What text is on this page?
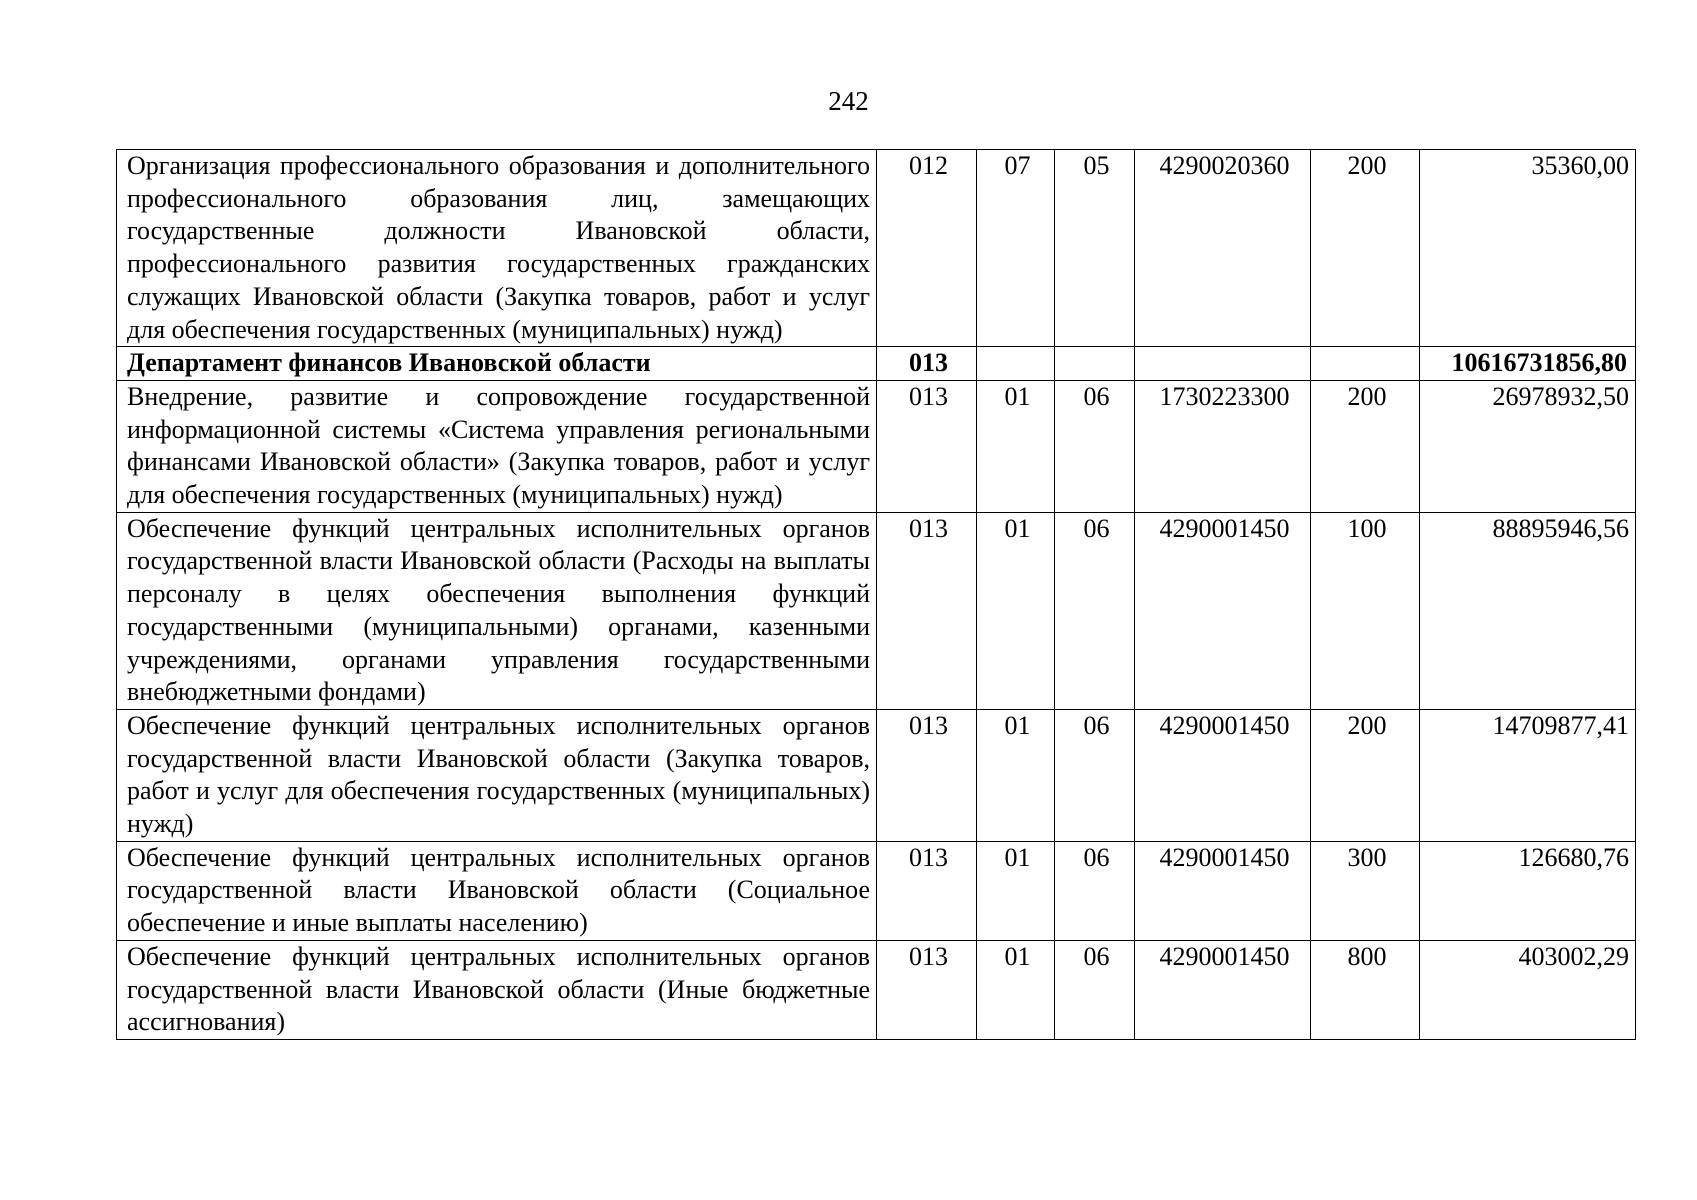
242
Организация профессионального образования и дополнительного профессионального образования лиц, замещающих государственные должности Ивановской области, профессионального развития государственных гражданских служащих Ивановской области (Закупка товаров, работ и услуг для обеспечения государственных (муниципальных) нужд)	012	07	05	4290020360	200	35360,00
Департамент финансов Ивановской области	013					10616731856,80
Внедрение, развитие и сопровождение государственной информационной системы «Система управления региональными финансами Ивановской области» (Закупка товаров, работ и услуг для обеспечения государственных (муниципальных) нужд)	013	01	06	1730223300	200	26978932,50
Обеспечение функций центральных исполнительных органов государственной власти Ивановской области (Расходы на выплаты персоналу в целях обеспечения выполнения функций государственными (муниципальными) органами, казенными учреждениями, органами управления государственными внебюджетными фондами)	013	01	06	4290001450	100	88895946,56
Обеспечение функций центральных исполнительных органов государственной власти Ивановской области (Закупка товаров, работ и услуг для обеспечения государственных (муниципальных) нужд)	013	01	06	4290001450	200	14709877,41
Обеспечение функций центральных исполнительных органов государственной власти Ивановской области (Социальное обеспечение и иные выплаты населению)	013	01	06	4290001450	300	126680,76
Обеспечение функций центральных исполнительных органов государственной власти Ивановской области (Иные бюджетные ассигнования)	013	01	06	4290001450	800	403002,29
